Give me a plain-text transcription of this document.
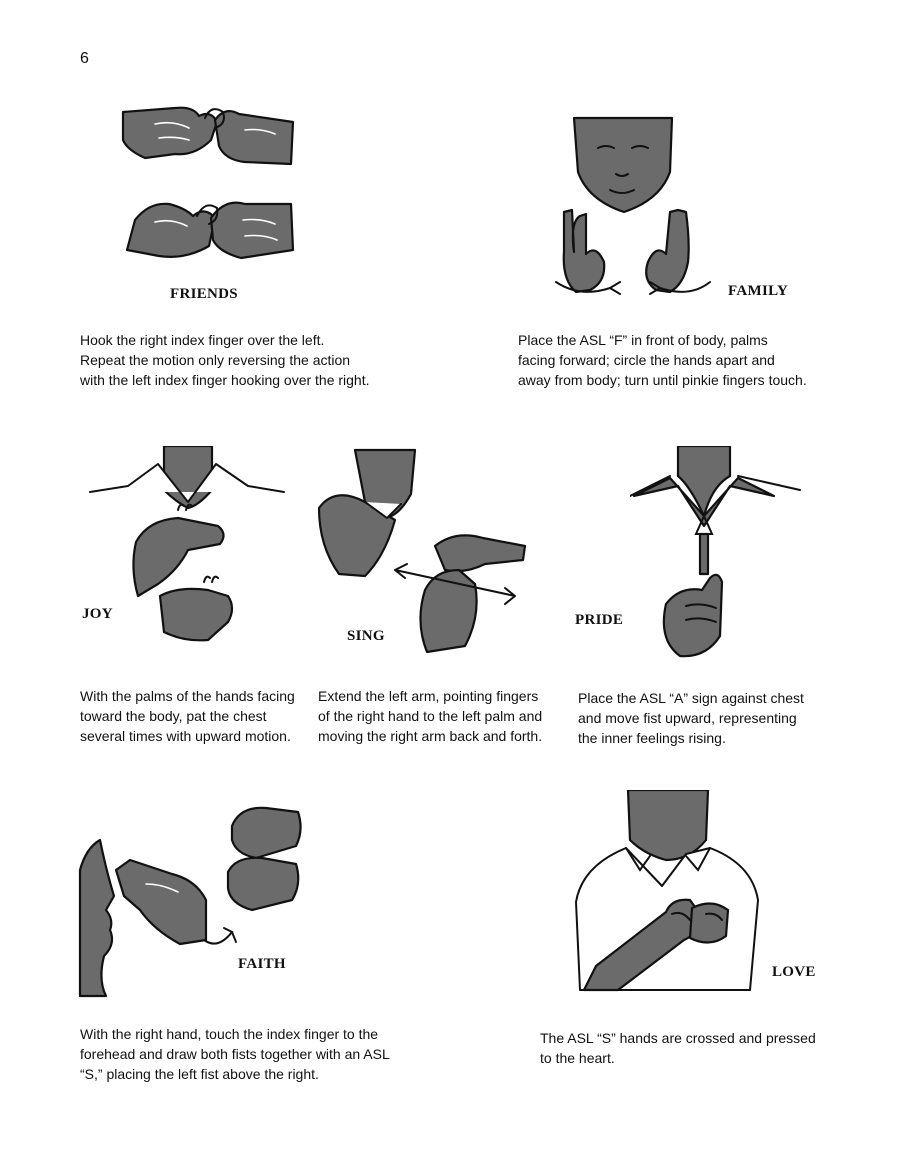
6
FRIENDS

Hook the right index finger over the left. Repeat the motion only reversing the action with the left index finger hooking over the right.

FAMILY

Place the ASL “F” in front of body, palms facing forward; circle the hands apart and away from body; turn until pinkie fingers touch.

JOY

With the palms of the hands facing toward the body, pat the chest several times with upward motion.

SING

Extend the left arm, pointing fingers of the right hand to the left palm and moving the right arm back and forth.

PRIDE

Place the ASL “A” sign against chest and move fist upward, representing the inner feelings rising.

FAITH

With the right hand, touch the index finger to the forehead and draw both fists together with an ASL “S,” placing the left fist above the right.

LOVE

The ASL “S” hands are crossed and pressed to the heart.
